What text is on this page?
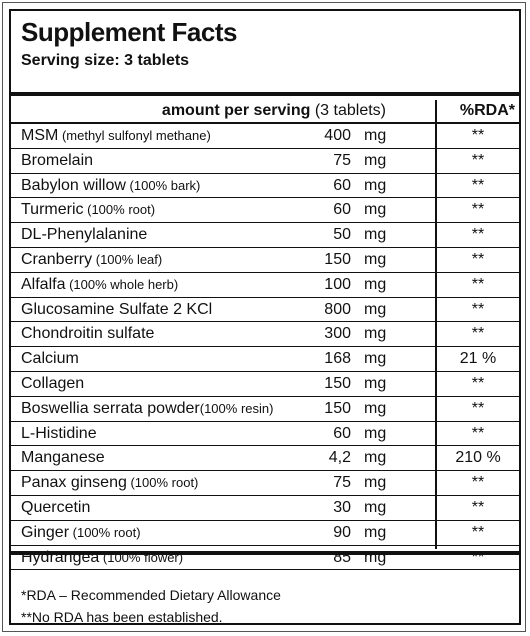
Supplement Facts
Serving size: 3 tablets
amount per serving (3 tablets)	%RDA*
MSM (methyl sulfonyl methane)	400 mg	**
Bromelain	75 mg	**
Babylon willow (100% bark)	60 mg	**
Turmeric (100% root)	60 mg	**
DL-Phenylalanine	50 mg	**
Cranberry (100% leaf)	150 mg	**
Alfalfa (100% whole herb)	100 mg	**
Glucosamine Sulfate 2 KCl	800 mg	**
Chondroitin sulfate	300 mg	**
Calcium	168 mg	21 %
Collagen	150 mg	**
Boswellia serrata powder(100% resin)	150 mg	**
L-Histidine	60 mg	**
Manganese	4,2 mg	210 %
Panax ginseng (100% root)	75 mg	**
Quercetin	30 mg	**
Ginger (100% root)	90 mg	**
Hydrangea (100% flower)	85 mg	**
*RDA – Recommended Dietary Allowance
**No RDA has been established.
